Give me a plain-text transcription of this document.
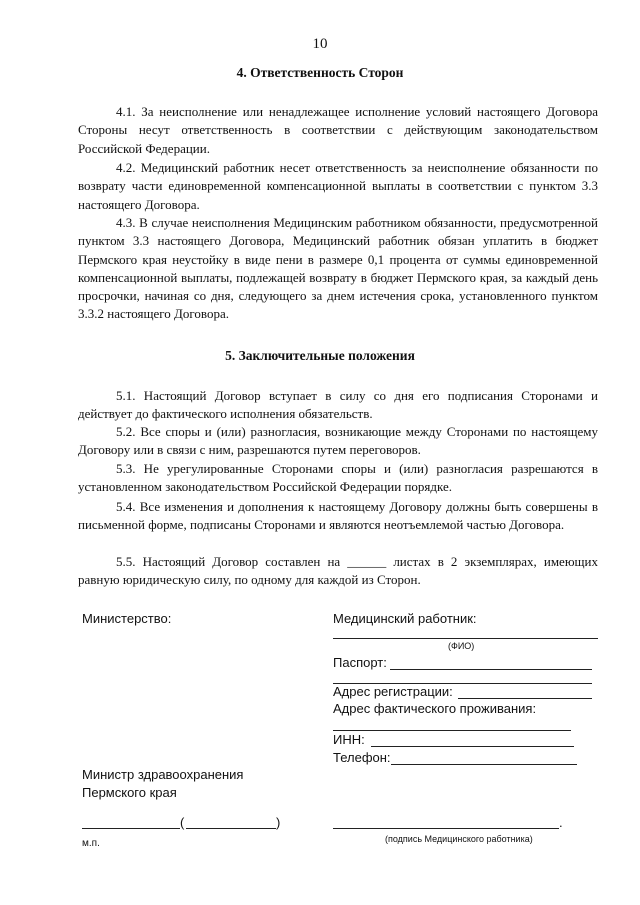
10
4. Ответственность Сторон
4.1. За неисполнение или ненадлежащее исполнение условий настоящего Договора Стороны несут ответственность в соответствии с действующим законодательством Российской Федерации.
4.2. Медицинский работник несет ответственность за неисполнение обязанности по возврату части единовременной компенсационной выплаты в соответствии с пунктом 3.3 настоящего Договора.
4.3. В случае неисполнения Медицинским работником обязанности, предусмотренной пунктом 3.3 настоящего Договора, Медицинский работник обязан уплатить в бюджет Пермского края неустойку в виде пени в размере 0,1 процента от суммы единовременной компенсационной выплаты, подлежащей возврату в бюджет Пермского края, за каждый день просрочки, начиная со дня, следующего за днем истечения срока, установленного пунктом 3.3.2 настоящего Договора.
5. Заключительные положения
5.1. Настоящий Договор вступает в силу со дня его подписания Сторонами и действует до фактического исполнения обязательств.
5.2. Все споры и (или) разногласия, возникающие между Сторонами по настоящему Договору или в связи с ним, разрешаются путем переговоров.
5.3. Не урегулированные Сторонами споры и (или) разногласия разрешаются в установленном законодательством Российской Федерации порядке.
5.4. Все изменения и дополнения к настоящему Договору должны быть совершены в письменной форме, подписаны Сторонами и являются неотъемлемой частью Договора.
5.5. Настоящий Договор составлен на ______ листах в 2 экземплярах, имеющих равную юридическую силу, по одному для каждой из Сторон.
Министерство:
Министр здравоохранения
Пермского края
(	)
м.п.
Медицинский работник:
(ФИО)
Паспорт:
Адрес регистрации:
Адрес фактического проживания:
ИНН:
Телефон:
.
(подпись Медицинского работника)
